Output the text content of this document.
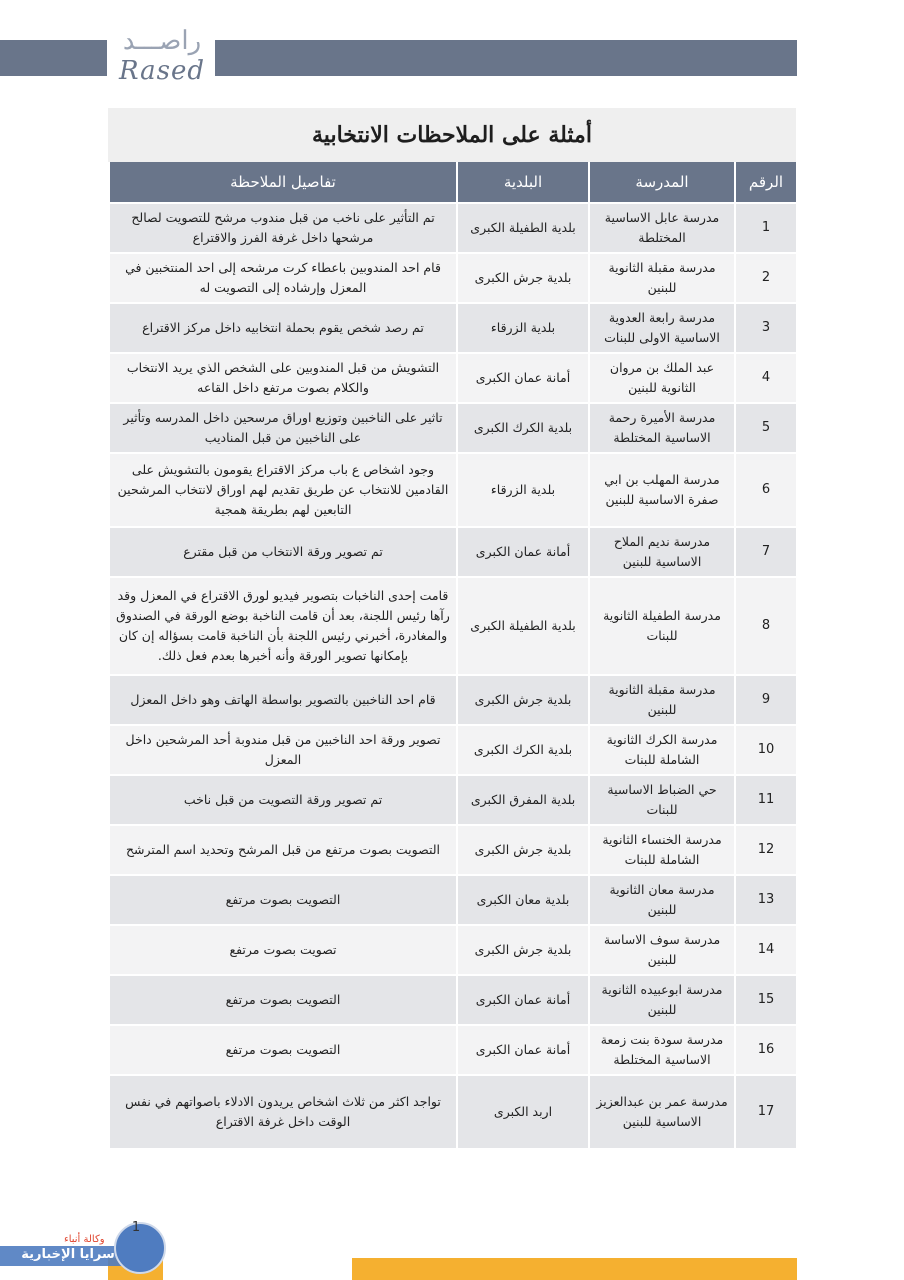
راصـــد
Rased
أمثلة على الملاحظات الانتخابية
الرقم	المدرسة	البلدية	تفاصيل الملاحظة
1	مدرسة عابل الاساسية المختلطة	بلدية الطفيلة الكبرى	تم التأثير على ناخب من قبل مندوب مرشح للتصويت لصالح مرشحها داخل غرفة الفرز والاقتراع
2	مدرسة مقبلة الثانوية للبنين	بلدية جرش الكبرى	قام احد المندوبين باعطاء كرت مرشحه إلى احد المنتخبين في المعزل وإرشاده إلى التصويت له
3	مدرسة رابعة العدوية الاساسية الاولى للبنات	بلدية الزرقاء	تم رصد شخص يقوم بحملة انتخابيه داخل مركز الاقتراع
4	عبد الملك بن مروان الثانوية للبنين	أمانة عمان الكبرى	التشويش من قبل المندوبين على الشخص الذي يريد الانتخاب والكلام بصوت مرتفع داخل القاعه
5	مدرسة الأميرة رحمة الاساسية المختلطة	بلدية الكرك الكبرى	تاثير على الناخبين وتوزيع اوراق مرسحين داخل المدرسه وتأثير على الناخبين من قبل المناديب
6	مدرسة المهلب بن ابي صفرة الاساسية للبنين	بلدية الزرقاء	وجود اشخاص ع باب مركز الاقتراع يقومون بالتشويش على القادمين للانتخاب عن طريق تقديم لهم اوراق لانتخاب المرشحين التابعين لهم بطريقة همجية
7	مدرسة نديم الملاح الاساسية للبنين	أمانة عمان الكبرى	تم تصوير ورقة الانتخاب من قبل مقترع
8	مدرسة الطفيلة الثانوية للبنات	بلدية الطفيلة الكبرى	قامت إحدى الناخبات بتصوير فيديو لورق الاقتراع في المعزل وقد رآها رئيس اللجنة، بعد أن قامت الناخبة بوضع الورقة في الصندوق والمغادرة، أخبرني رئيس اللجنة بأن الناخبة قامت بسؤاله إن كان بإمكانها تصوير الورقة وأنه أخبرها بعدم فعل ذلك.
9	مدرسة مقبلة الثانوية للبنين	بلدية جرش الكبرى	قام احد الناخبين بالتصوير بواسطة الهاتف وهو داخل المعزل
10	مدرسة الكرك الثانوية الشاملة للبنات	بلدية الكرك الكبرى	تصوير ورقة احد الناخبين من قبل مندوبة أحد المرشحين داخل المعزل
11	حي الضباط الاساسية للبنات	بلدية المفرق الكبرى	تم تصوير ورقة التصويت من قبل ناخب
12	مدرسة الخنساء الثانوية الشاملة للبنات	بلدية جرش الكبرى	التصويت بصوت مرتفع من قبل المرشح وتحديد اسم المترشح
13	مدرسة معان الثانوية للبنين	بلدية معان الكبرى	التصويت بصوت مرتفع
14	مدرسة سوف الاساسة للبنين	بلدية جرش الكبرى	تصويت بصوت مرتفع
15	مدرسة ابوعبيده الثانوية للبنين	أمانة عمان الكبرى	التصويت بصوت مرتفع
16	مدرسة سودة بنت زمعة الاساسية المختلطة	أمانة عمان الكبرى	التصويت بصوت مرتفع
17	مدرسة عمر بن عبدالعزيز الاساسية للبنين	اربد الكبرى	تواجد اكثر من ثلاث اشخاص يريدون الادلاء باصواتهم في نفس الوقت داخل غرفة الاقتراع
1
وكالة أنباء
سرايا الإخبارية
